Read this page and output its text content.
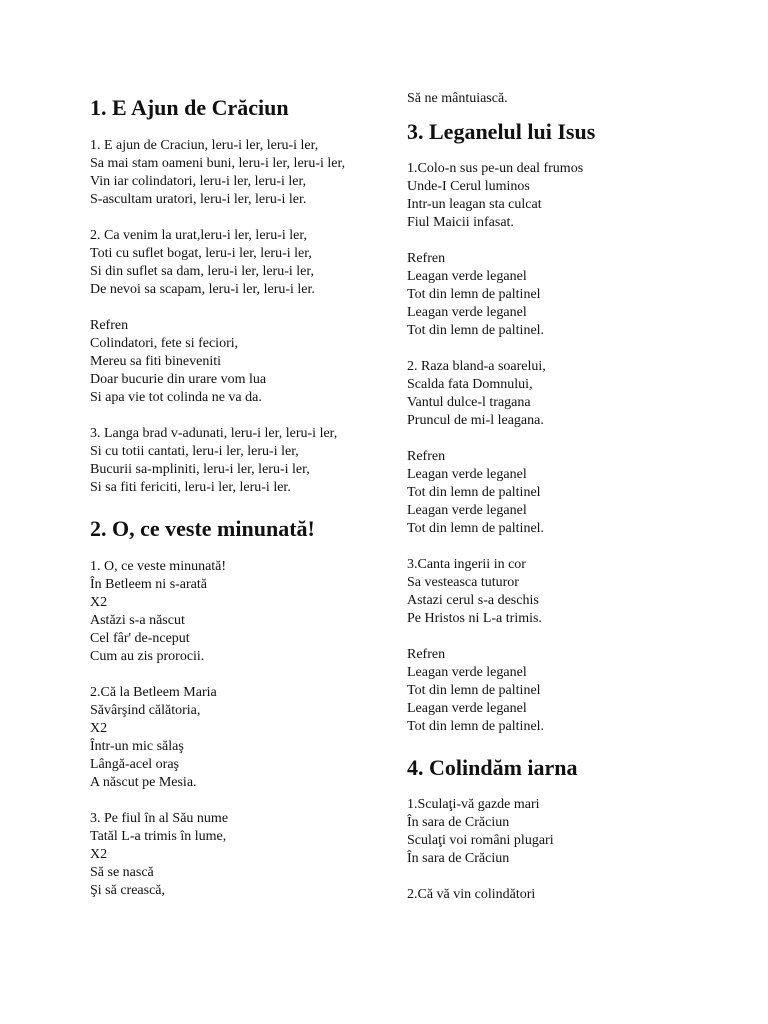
1. E Ajun de Crăciun

1. E ajun de Craciun, leru-i ler, leru-i ler,
Sa mai stam oameni buni, leru-i ler, leru-i ler,
Vin iar colindatori, leru-i ler, leru-i ler,
S-ascultam uratori, leru-i ler, leru-i ler.

2. Ca venim la urat,leru-i ler, leru-i ler,
Toti cu suflet bogat, leru-i ler, leru-i ler,
Si din suflet sa dam, leru-i ler, leru-i ler,
De nevoi sa scapam, leru-i ler, leru-i ler.

Refren
Colindatori, fete si feciori,
Mereu sa fiti bineveniti
Doar bucurie din urare vom lua
Si apa vie tot colinda ne va da.

3. Langa brad v-adunati, leru-i ler, leru-i ler,
Si cu totii cantati, leru-i ler, leru-i ler,
Bucurii sa-mpliniti, leru-i ler, leru-i ler,
Si sa fiti fericiti, leru-i ler, leru-i ler.

2. O, ce veste minunată!

1. O, ce veste minunată!
În Betleem ni s-arată
X2
Astăzi s-a născut
Cel fâr' de-nceput
Cum au zis prorocii.

2.Că la Betleem Maria
Săvârşind călătoria,
X2
Într-un mic sălaş
Lângă-acel oraş
A născut pe Mesia.

3. Pe fiul în al Său nume
Tatăl L-a trimis în lume,
X2
Să se nască
Şi să crească,

Să ne mântuiască.

3. Leganelul lui Isus

1.Colo-n sus pe-un deal frumos
Unde-I Cerul luminos
Intr-un leagan sta culcat
Fiul Maicii infasat.

Refren
Leagan verde leganel
Tot din lemn de paltinel
Leagan verde leganel
Tot din lemn de paltinel.

2. Raza bland-a soarelui,
Scalda fata Domnului,
Vantul dulce-l tragana
Pruncul de mi-l leagana.

Refren
Leagan verde leganel
Tot din lemn de paltinel
Leagan verde leganel
Tot din lemn de paltinel.

3.Canta ingerii in cor
Sa vesteasca tuturor
Astazi cerul s-a deschis
Pe Hristos ni L-a trimis.

Refren
Leagan verde leganel
Tot din lemn de paltinel
Leagan verde leganel
Tot din lemn de paltinel.

4. Colindăm iarna

1.Sculaţi-vă gazde mari
În sara de Crăciun
Sculaţi voi români plugari
În sara de Crăciun

2.Că vă vin colindători
